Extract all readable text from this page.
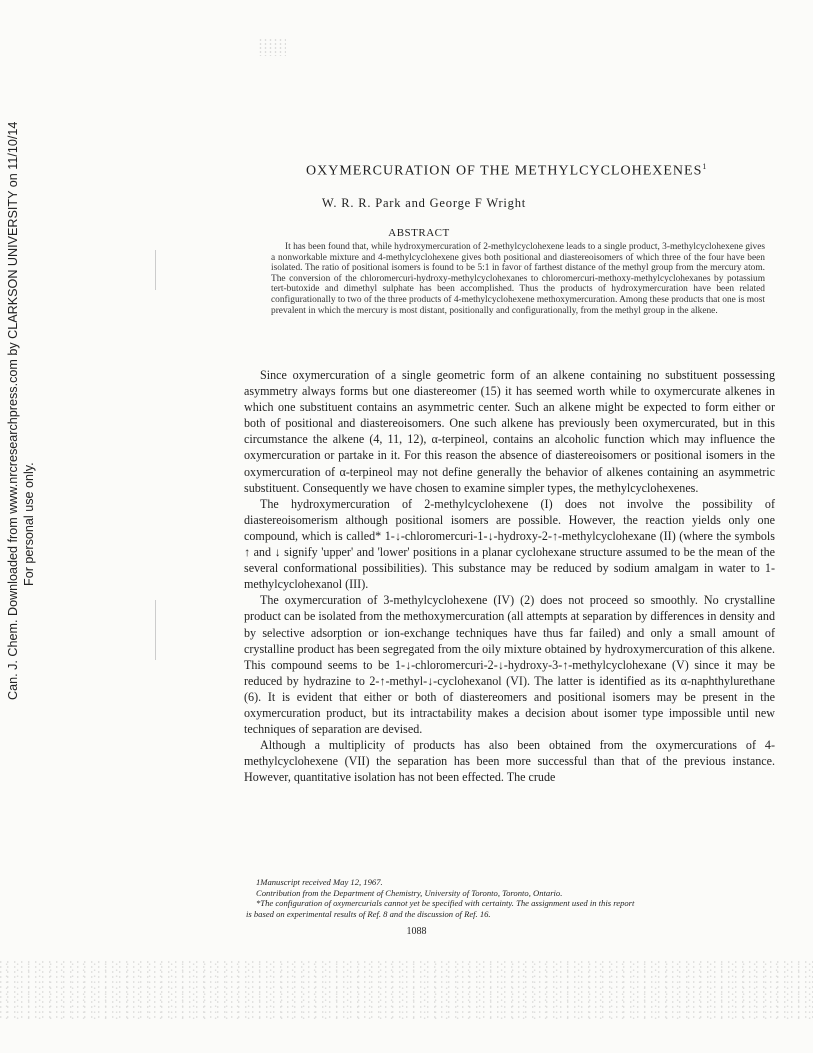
Can. J. Chem. Downloaded from www.nrcresearchpress.com by CLARKSON UNIVERSITY on 11/10/14 For personal use only.
OXYMERCURATION OF THE METHYLCYCLOHEXENES$^1$
W. R. R. Park and George F Wright
ABSTRACT

It has been found that, while hydroxymercuration of 2-methylcyclohexene leads to a single product, 3-methylcyclohexene gives a nonworkable mixture and 4-methylcyclohexene gives both positional and diastereoisomers of which three of the four have been isolated. The ratio of positional isomers is found to be 5:1 in favor of farthest distance of the methyl group from the mercury atom. The conversion of the chloromercuri-hydroxy-methylcyclohexanes to chloromercuri-methoxy-methylcyclohexanes by potassium tert-butoxide and dimethyl sulphate has been accomplished. Thus the products of hydroxymercuration have been related configurationally to two of the three products of 4-methylcyclohexene methoxymercuration. Among these products that one is most prevalent in which the mercury is most distant, positionally and configurationally, from the methyl group in the alkene.

Since oxymercuration of a single geometric form of an alkene containing no substituent possessing asymmetry always forms but one diastereomer (15) it has seemed worth while to oxymercurate alkenes in which one substituent contains an asymmetric center. Such an alkene might be expected to form either or both of positional and diastereoisomers. One such alkene has previously been oxymercurated, but in this circumstance the alkene (4, 11, 12), α-terpineol, contains an alcoholic function which may influence the oxymercuration or partake in it. For this reason the absence of diastereoisomers or positional isomers in the oxymercuration of α-terpineol may not define generally the behavior of alkenes containing an asymmetric substituent. Consequently we have chosen to examine simpler types, the methylcyclohexenes.

The hydroxymercuration of 2-methylcyclohexene (I) does not involve the possibility of diastereoisomerism although positional isomers are possible. However, the reaction yields only one compound, which is called* 1-↓-chloromercuri-1-↓-hydroxy-2-↑-methylcyclohexane (II) (where the symbols ↑ and ↓ signify 'upper' and 'lower' positions in a planar cyclohexane structure assumed to be the mean of the several conformational possibilities). This substance may be reduced by sodium amalgam in water to 1-methylcyclohexanol (III).

The oxymercuration of 3-methylcyclohexene (IV) (2) does not proceed so smoothly. No crystalline product can be isolated from the methoxymercuration (all attempts at separation by differences in density and by selective adsorption or ion-exchange techniques have thus far failed) and only a small amount of crystalline product has been segregated from the oily mixture obtained by hydroxymercuration of this alkene. This compound seems to be 1-↓-chloromercuri-2-↓-hydroxy-3-↑-methylcyclohexane (V) since it may be reduced by hydrazine to 2-↑-methyl-↓-cyclohexanol (VI). The latter is identified as its α-naphthylurethane (6). It is evident that either or both of diastereomers and positional isomers may be present in the oxymercuration product, but its intractability makes a decision about isomer type impossible until new techniques of separation are devised.

Although a multiplicity of products has also been obtained from the oxymercurations of 4-methylcyclohexene (VII) the separation has been more successful than that of the previous instance. However, quantitative isolation has not been effected. The crude

1Manuscript received May 12, 1967.

Contribution from the Department of Chemistry, University of Toronto, Toronto, Ontario.

*The configuration of oxymercurials cannot yet be specified with certainty. The assignment used in this report

is based on experimental results of Ref. 8 and the discussion of Ref. 16.

1088
